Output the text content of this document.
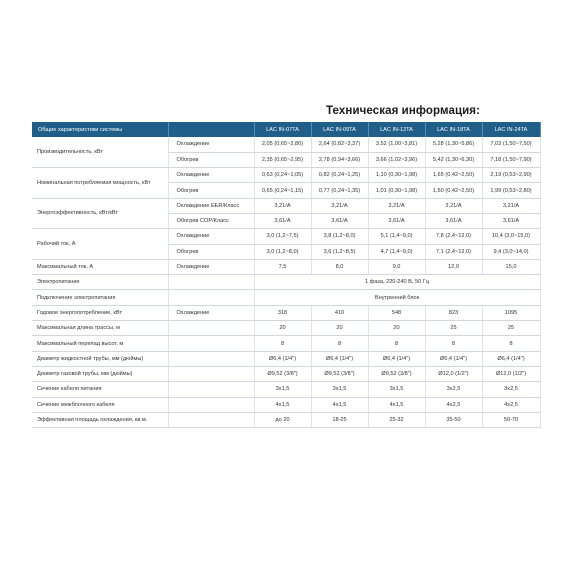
Техническая информация:
Общие характеристики системы		LAC IN-07TA	LAC IN-09TA	LAC IN-12TA	LAC IN-18TA	LAC IN-24TA
Производительность, кВт	Охлаждение	2,05 (0,65~2,80)	2,64 (0,82~3,37)	3,52 (1,00~3,81)	5,28 (1,30~5,86)	7,03 (1,50~7,50)
	Обогрев	2,35 (0,65~2,95)	2,78 (0,94~3,66)	3,66 (1,02~3,96)	5,42 (1,30~6,30)	7,18 (1,50~7,90)
Номинальная потребляемая мощность, кВт	Охлаждение	0,63 (0,24~1,05)	0,82 (0,24~1,25)	1,10 (0,30~1,98)	1,65 (0,42~2,50)	2,19 (0,53~2,90)
	Обогрев	0,65 (0,24~1,15)	0,77 (0,24~1,35)	1,01 (0,30~1,98)	1,50 (0,42~2,50)	1,99 (0,53~2,80)
Энергоэффективность, кВт/кВт	Охлаждение EER/Класс	3,21/A	3,21/A	3,21/A	3,21/A	3,21/A
	Обогрев COP/Класс	3,61/A	3,61/A	3,61/A	3,61/A	3,61/A
Рабочий ток, А	Охлаждение	3,0 (1,2~7,5)	3,8 (1,2~8,0)	5,1 (1,4~9,0)	7,8 (2,4~12,0)	10,4 (3,0~15,0)
	Обогрев	3,0 (1,2~8,0)	3,6 (1,2~8,5)	4,7 (1,4~9,0)	7,1 (2,4~12,0)	9,4 (3,0~14,0)
Максимальный ток, А	Охлаждение	7,5	8,0	9,0	12,0	15,0
Электропитание		1 фаза, 220-240 В, 50 Гц				
Подключение электропитания		Внутренний блок				
Годовое энергопотребление, кВт	Охлаждение	318	410	548	823	1095
Максимальная длина трассы, м		20	20	20	25	25
Максимальный перепад высот, м		8	8	8	8	8
Диаметр жидкостной трубы, мм (дюймы)		Ø6,4 (1/4")	Ø6,4 (1/4")	Ø6,4 (1/4")	Ø6,4 (1/4")	Ø6,4 (1/4")
Диаметр газовой трубы, мм (дюймы)		Ø9,52 (3/8")	Ø9,52 (3/8")	Ø9,52 (3/8")	Ø12,0 (1/2")	Ø12,0 (1/2")
Сечение кабеля питания		3x1,5	3x1,5	3x1,5	3x2,5	3x2,5
Сечение межблочного кабеля		4x1,5	4x1,5	4x1,5	4x2,5	4x2,5
Эффективная площадь охлаждения, кв.м.		до 20	18-25	25-32	35-50	50-70
